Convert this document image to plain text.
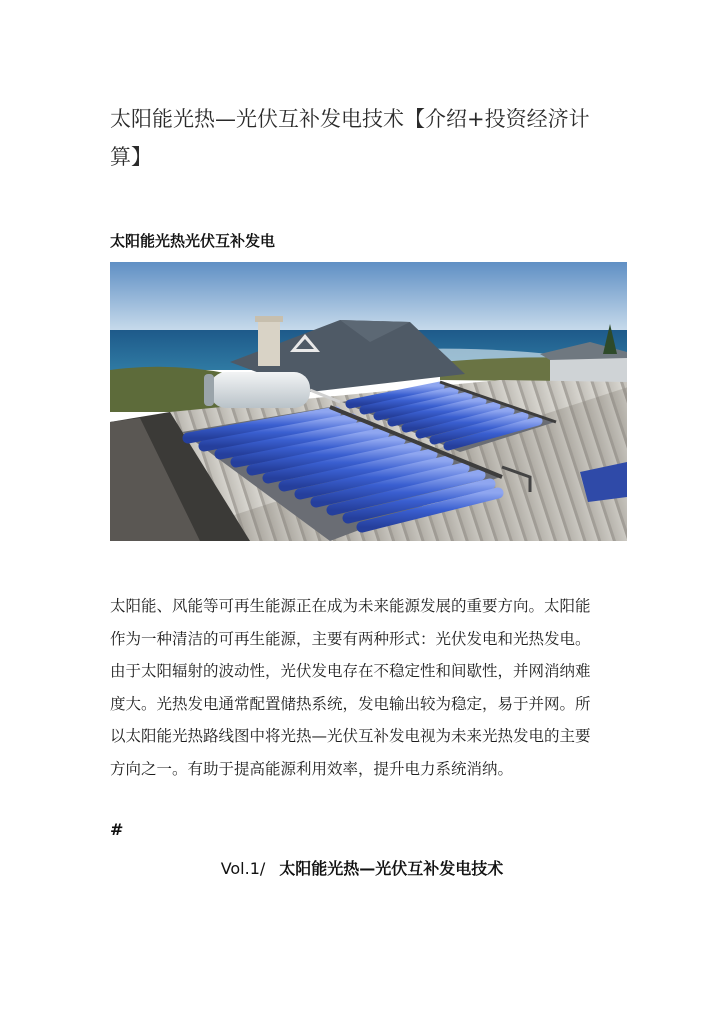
太阳能光热—光伏互补发电技术【介绍+投资经济计算】
太阳能光热光伏互补发电

太阳能、风能等可再生能源正在成为未来能源发展的重要方向。太阳能
作为一种清洁的可再生能源，主要有两种形式：光伏发电和光热发电。
由于太阳辐射的波动性，光伏发电存在不稳定性和间歇性，并网消纳难
度大。光热发电通常配置储热系统，发电输出较为稳定，易于并网。所
以太阳能光热路线图中将光热—光伏互补发电视为未来光热发电的主要
方向之一。有助于提高能源利用效率，提升电力系统消纳。

#
Vol.1/ 太阳能光热—光伏互补发电技术
